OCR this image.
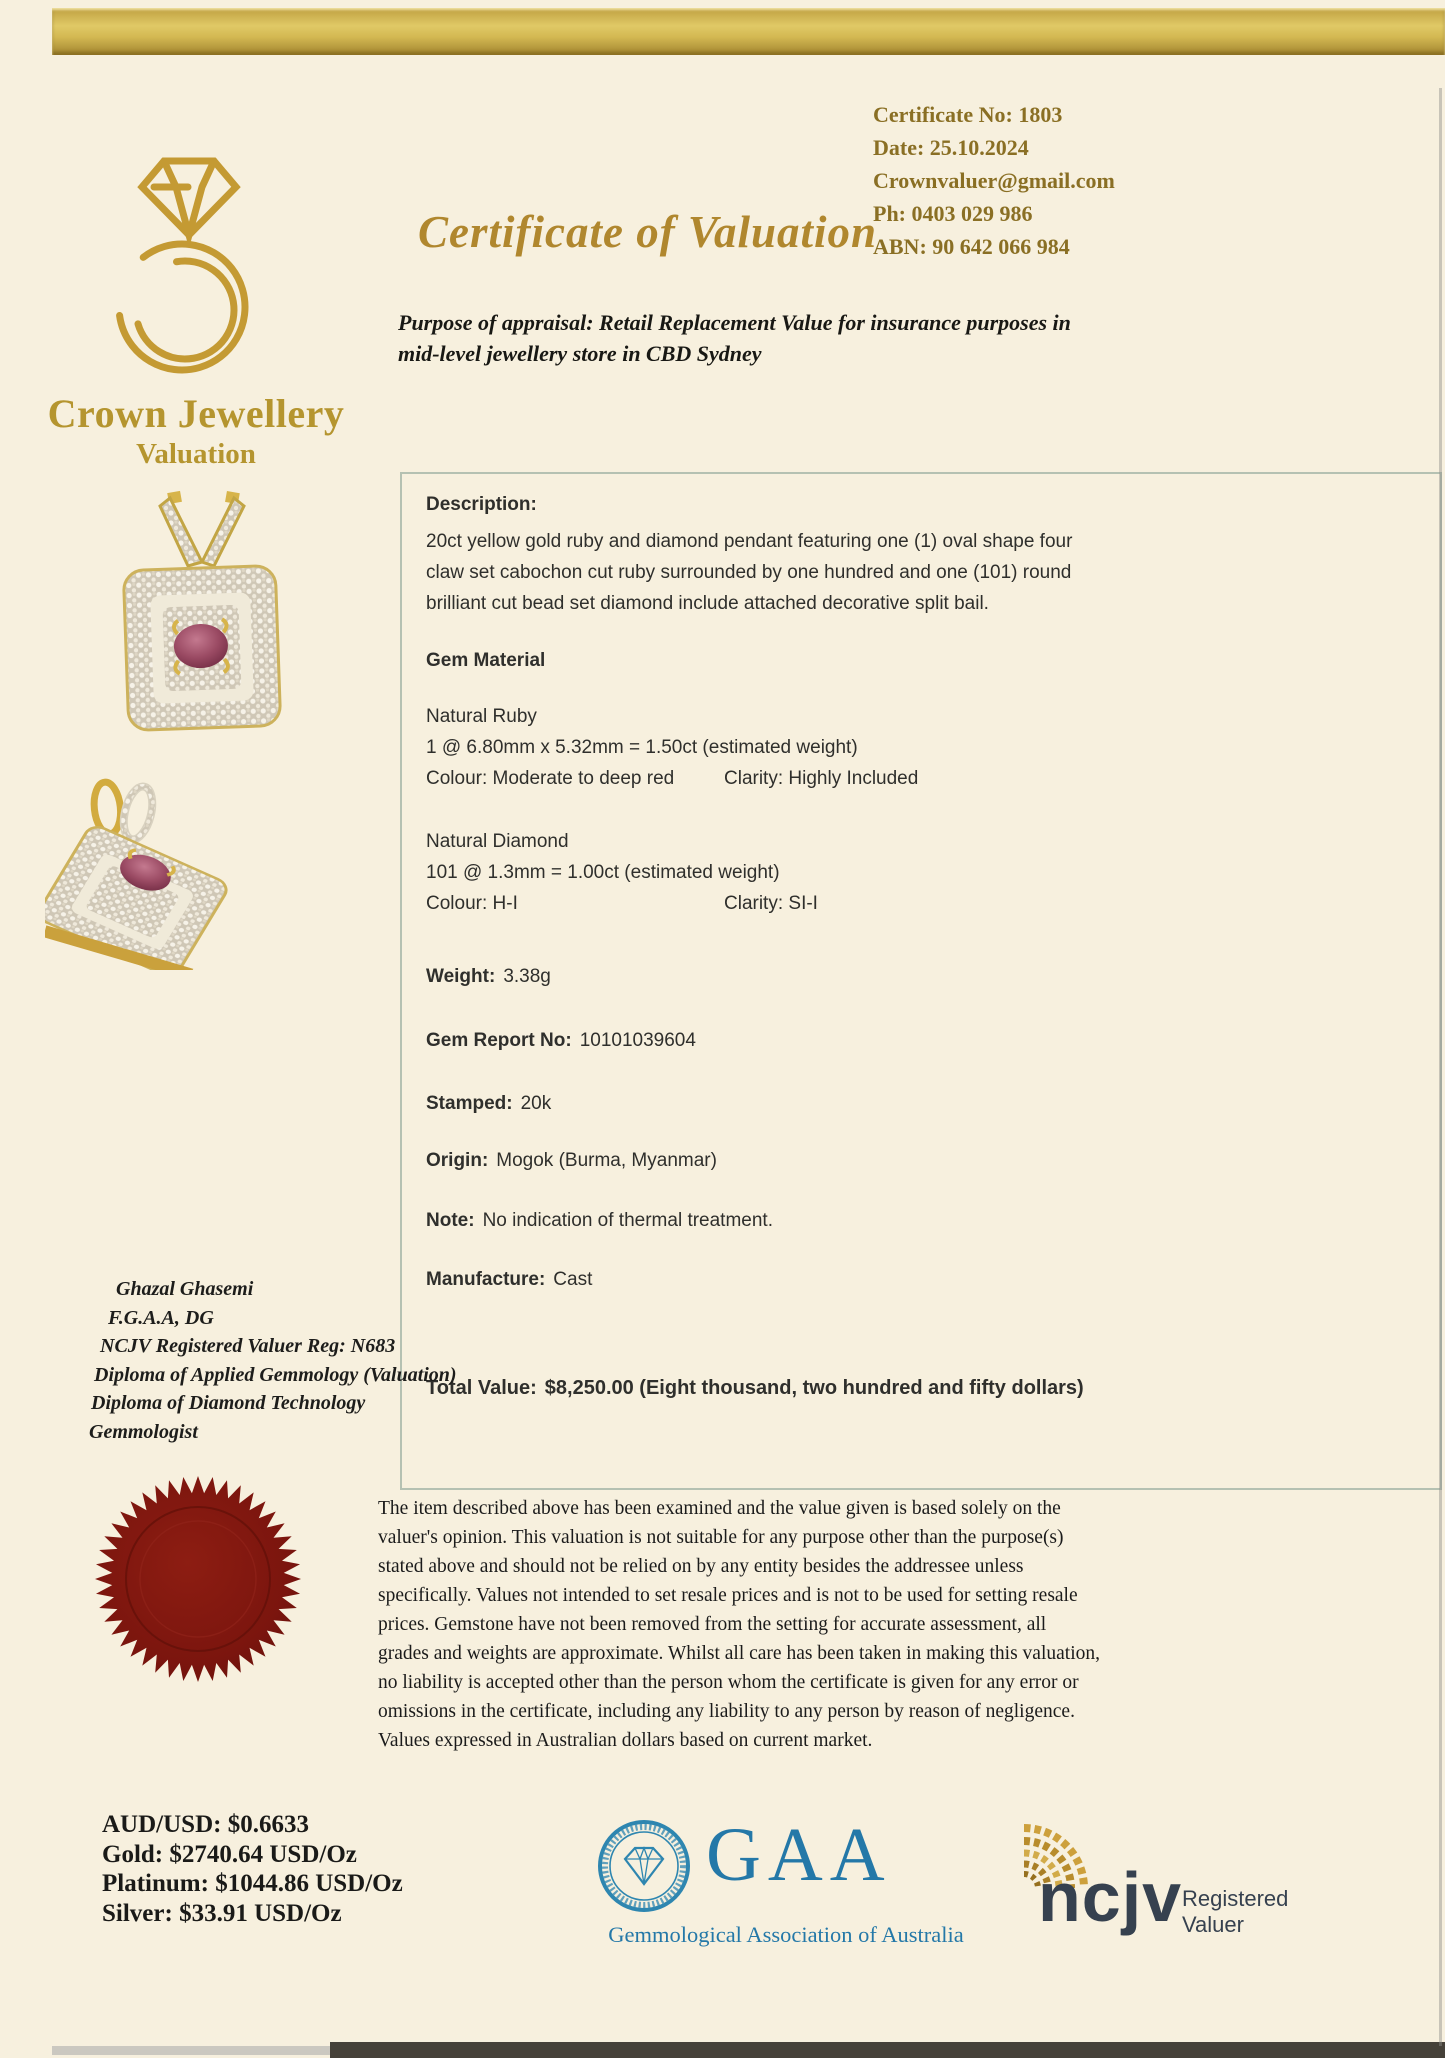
Certificate No: 1803
Date: 25.10.2024
Crownvaluer@gmail.com
Ph: 0403 029 986
ABN: 90 642 066 984
Certificate of Valuation
Purpose of appraisal: Retail Replacement Value for insurance purposes in mid-level jewellery store in CBD Sydney
Crown Jewellery
Valuation
Description:
20ct yellow gold ruby and diamond pendant featuring one (1) oval shape four claw set cabochon cut ruby surrounded by one hundred and one (101) round brilliant cut bead set diamond include attached decorative split bail.
Gem Material
Natural Ruby
1 @ 6.80mm x 5.32mm = 1.50ct (estimated weight)
Colour: Moderate to deep red	Clarity: Highly Included
Natural Diamond
101 @ 1.3mm = 1.00ct (estimated weight)
Colour: H-I	Clarity: SI-I
Weight: 3.38g
Gem Report No: 10101039604
Stamped: 20k
Origin: Mogok (Burma, Myanmar)
Note: No indication of thermal treatment.
Manufacture: Cast
Total Value: $8,250.00 (Eight thousand, two hundred and fifty dollars)
Ghazal Ghasemi
F.G.A.A, DG
NCJV Registered Valuer Reg: N683
Diploma of Applied Gemmology (Valuation)
Diploma of Diamond Technology
Gemmologist
The item described above has been examined and the value given is based solely on the valuer's opinion. This valuation is not suitable for any purpose other than the purpose(s) stated above and should not be relied on by any entity besides the addressee unless specifically. Values not intended to set resale prices and is not to be used for setting resale prices. Gemstone have not been removed from the setting for accurate assessment, all grades and weights are approximate. Whilst all care has been taken in making this valuation, no liability is accepted other than the person whom the certificate is given for any error or omissions in the certificate, including any liability to any person by reason of negligence. Values expressed in Australian dollars based on current market.
AUD/USD: $0.6633
Gold: $2740.64 USD/Oz
Platinum: $1044.86 USD/Oz
Silver: $33.91 USD/Oz
GAA
Gemmological Association of Australia	ncjv Registered
Valuer
